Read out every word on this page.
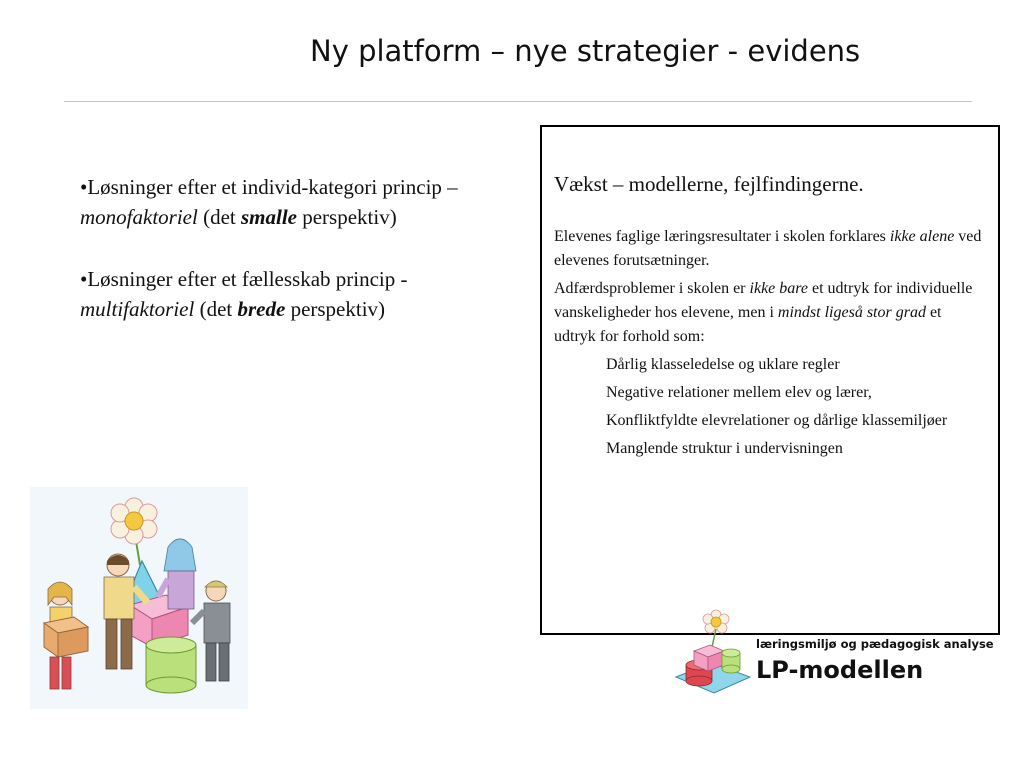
Ny platform – nye strategier - evidens

•Løsninger efter et individ-kategori princip – monofaktoriel (det smalle perspektiv)

•Løsninger efter et fællesskab princip - multifaktoriel (det brede perspektiv)

Vækst – modellerne, fejlfindingerne.

Elevenes faglige læringsresultater i skolen forklares ikke alene ved elevenes forutsætninger.

Adfærdsproblemer i skolen er ikke bare et udtryk for individuelle vanskeligheder hos elevene, men i mindst ligeså stor grad et udtryk for forhold som:

Dårlig klasseledelse og uklare regler
Negative relationer mellem elev og lærer,
Konfliktfyldte elevrelationer og dårlige klassemiljøer
Manglende struktur i undervisningen
læringsmiljø og pædagogisk analyse
LP-modellen
